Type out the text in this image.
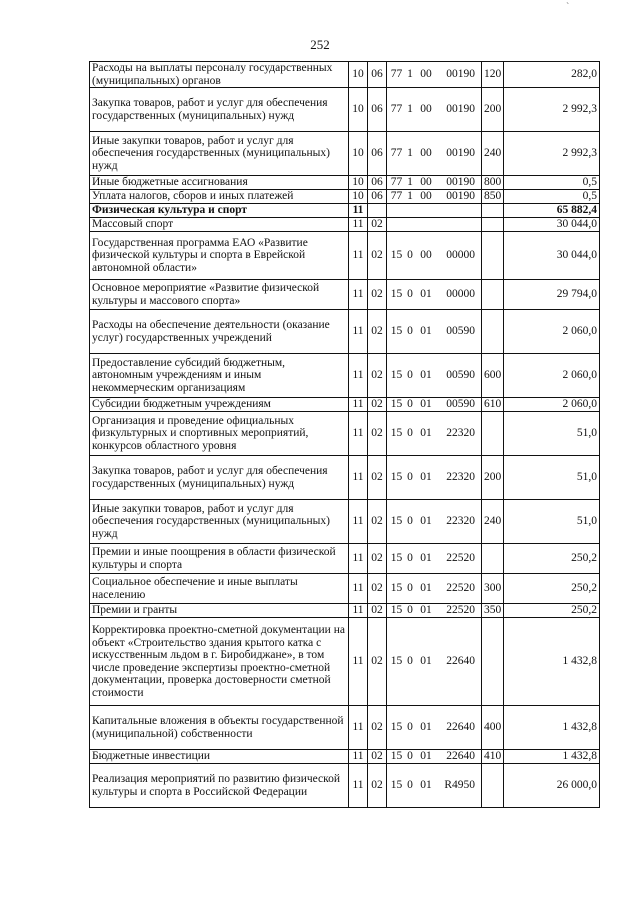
`
252
Расходы на выплаты персоналу государственных (муниципальных) органов	10	06	77 1 00 00190	120	282,0
Закупка товаров, работ и услуг для обеспечения государственных (муниципальных) нужд	10	06	77 1 00 00190	200	2 992,3
Иные закупки товаров, работ и услуг для обеспечения государственных (муниципальных) нужд	10	06	77 1 00 00190	240	2 992,3
Иные бюджетные ассигнования	10	06	77 1 00 00190	800	0,5
Уплата налогов, сборов и иных платежей	10	06	77 1 00 00190	850	0,5
Физическая культура и спорт	11				65 882,4
Массовый спорт	11	02			30 044,0
Государственная программа ЕАО «Развитие физической культуры и спорта в Еврейской автономной области»	11	02	15 0 00 00000		30 044,0
Основное мероприятие «Развитие физической культуры и массового спорта»	11	02	15 0 01 00000		29 794,0
Расходы на обеспечение деятельности (оказание услуг) государственных учреждений	11	02	15 0 01 00590		2 060,0
Предоставление субсидий бюджетным, автономным учреждениям и иным некоммерческим организациям	11	02	15 0 01 00590	600	2 060,0
Субсидии бюджетным учреждениям	11	02	15 0 01 00590	610	2 060,0
Организация и проведение официальных физкультурных и спортивных мероприятий, конкурсов областного уровня	11	02	15 0 01 22320		51,0
Закупка товаров, работ и услуг для обеспечения государственных (муниципальных) нужд	11	02	15 0 01 22320	200	51,0
Иные закупки товаров, работ и услуг для обеспечения государственных (муниципальных) нужд	11	02	15 0 01 22320	240	51,0
Премии и иные поощрения в области физической культуры и спорта	11	02	15 0 01 22520		250,2
Социальное обеспечение и иные выплаты населению	11	02	15 0 01 22520	300	250,2
Премии и гранты	11	02	15 0 01 22520	350	250,2
Корректировка проектно-сметной документации на объект «Строительство здания крытого катка с искусственным льдом в г. Биробиджане», в том числе проведение экспертизы проектно-сметной документации, проверка достоверности сметной стоимости	11	02	15 0 01 22640		1 432,8
Капитальные вложения в объекты государственной (муниципальной) собственности	11	02	15 0 01 22640	400	1 432,8
Бюджетные инвестиции	11	02	15 0 01 22640	410	1 432,8
Реализация мероприятий по развитию физической культуры и спорта в Российской Федерации	11	02	15 0 01 R4950		26 000,0
